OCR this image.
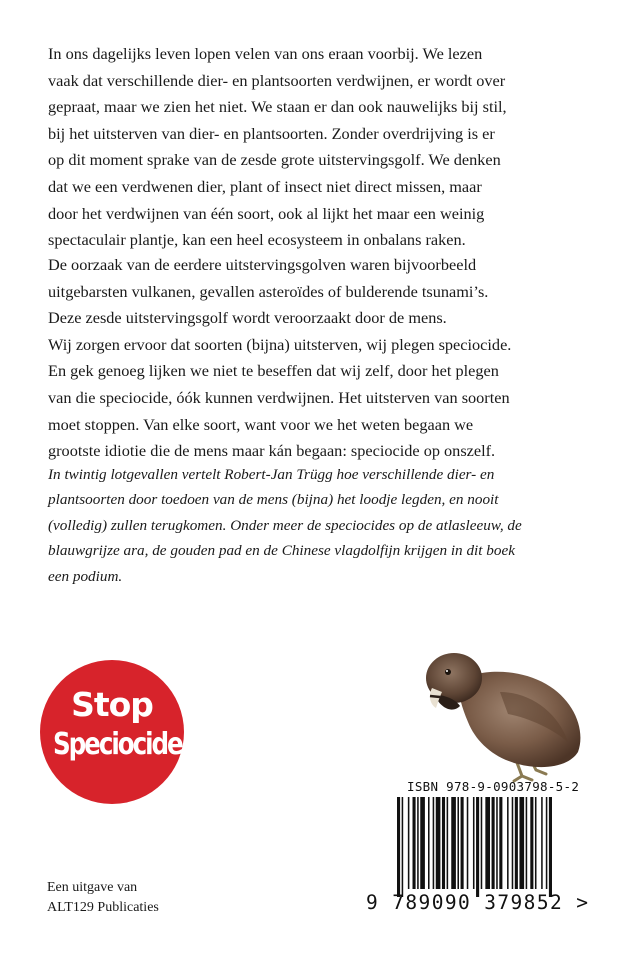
In ons dagelijks leven lopen velen van ons eraan voorbij. We lezen
vaak dat verschillende dier- en plantsoorten verdwijnen, er wordt over
gepraat, maar we zien het niet. We staan er dan ook nauwelijks bij stil,
bij het uitsterven van dier- en plantsoorten. Zonder overdrijving is er
op dit moment sprake van de zesde grote uitstervingsgolf. We denken
dat we een verdwenen dier, plant of insect niet direct missen, maar
door het verdwijnen van één soort, ook al lijkt het maar een weinig
spectaculair plantje, kan een heel ecosysteem in onbalans raken.

De oorzaak van de eerdere uitstervingsgolven waren bijvoorbeeld
uitgebarsten vulkanen, gevallen asteroïdes of bulderende tsunami’s.
Deze zesde uitstervingsgolf wordt veroorzaakt door de mens.
Wij zorgen ervoor dat soorten (bijna) uitsterven, wij plegen speciocide.
En gek genoeg lijken we niet te beseffen dat wij zelf, door het plegen
van die speciocide, óók kunnen verdwijnen. Het uitsterven van soorten
moet stoppen. Van elke soort, want voor we het weten begaan we
grootste idiotie die de mens maar kán begaan: speciocide op onszelf.

In twintig lotgevallen vertelt Robert-Jan Trügg hoe verschillende dier- en
plantsoorten door toedoen van de mens (bijna) het loodje legden, en nooit
(volledig) zullen terugkomen. Onder meer de speciocides op de atlasleeuw, de
blauwgrijze ara, de gouden pad en de Chinese vlagdolfijn krijgen in dit boek
een podium.

Stop
Speciocide!
ISBN 978-9-0903798-5-2
9 789090 379852 >
Een uitgave van
ALT129 Publicaties
